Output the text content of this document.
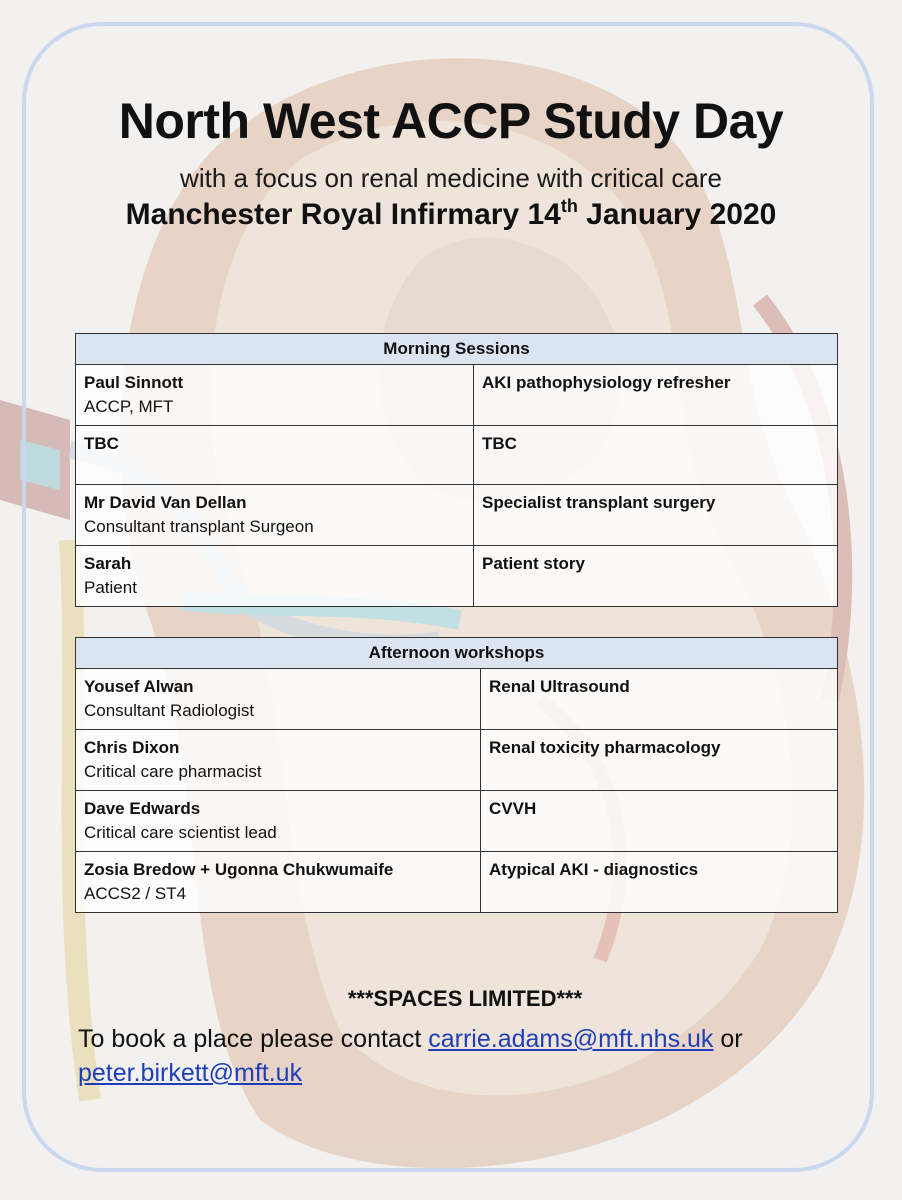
North West ACCP Study Day
with a focus on renal medicine with critical care
Manchester Royal Infirmary 14th January 2020
Morning Sessions	

Paul Sinnott
ACCP, MFT	AKI pathophysiology refresher

TBC	TBC

Mr David Van Dellan
Consultant transplant Surgeon	Specialist transplant surgery

Sarah
Patient	Patient story
Afternoon workshops	

Yousef Alwan
Consultant Radiologist	Renal Ultrasound

Chris Dixon
Critical care pharmacist	Renal toxicity pharmacology

Dave Edwards
Critical care scientist lead	CVVH

Zosia Bredow + Ugonna Chukwumaife
ACCS2 / ST4	Atypical AKI - diagnostics
***SPACES LIMITED***
To book a place please contact carrie.adams@mft.nhs.uk or
peter.birkett@mft.uk
